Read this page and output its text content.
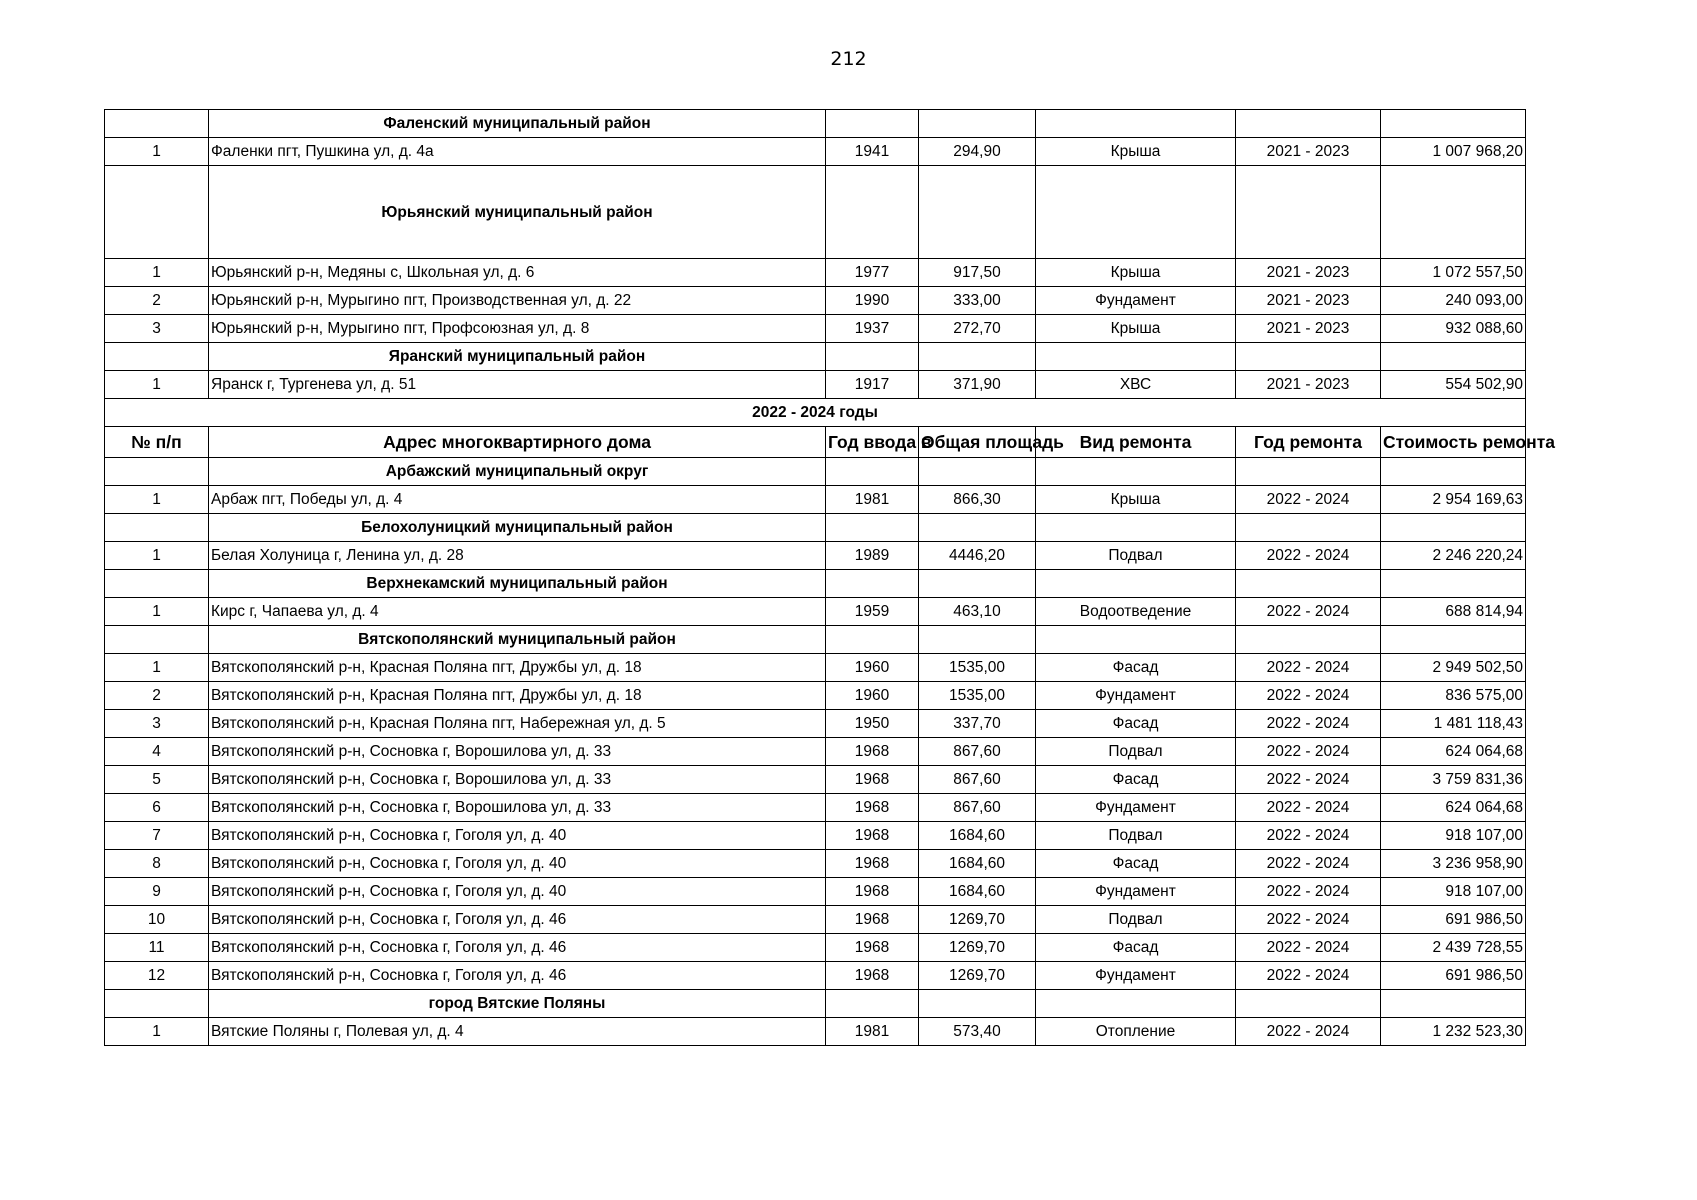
212
	Фаленский муниципальный район					
1	Фаленки пгт, Пушкина ул, д. 4а	1941	294,90	Крыша	2021 - 2023	1 007 968,20
	Юрьянский муниципальный район					
1	Юрьянский р-н, Медяны с, Школьная ул, д. 6	1977	917,50	Крыша	2021 - 2023	1 072 557,50
2	Юрьянский р-н, Мурыгино пгт, Производственная ул, д. 22	1990	333,00	Фундамент	2021 - 2023	240 093,00
3	Юрьянский р-н, Мурыгино пгт, Профсоюзная ул, д. 8	1937	272,70	Крыша	2021 - 2023	932 088,60
	Яранский муниципальный район					
1	Яранск г, Тургенева ул, д. 51	1917	371,90	ХВС	2021 - 2023	554 502,90
2022 - 2024 годы						
№ п/п	Адрес многоквартирного дома	Год ввода в	Общая площадь	Вид ремонта	Год ремонта	Стоимость ремонта
	Арбажский муниципальный округ					
1	Арбаж пгт, Победы ул, д. 4	1981	866,30	Крыша	2022 - 2024	2 954 169,63
	Белохолуницкий муниципальный район					
1	Белая Холуница г, Ленина ул, д. 28	1989	4446,20	Подвал	2022 - 2024	2 246 220,24
	Верхнекамский муниципальный район					
1	Кирс г, Чапаева ул, д. 4	1959	463,10	Водоотведение	2022 - 2024	688 814,94
	Вятскополянский муниципальный район					
1	Вятскополянский р-н, Красная Поляна пгт, Дружбы ул, д. 18	1960	1535,00	Фасад	2022 - 2024	2 949 502,50
2	Вятскополянский р-н, Красная Поляна пгт, Дружбы ул, д. 18	1960	1535,00	Фундамент	2022 - 2024	836 575,00
3	Вятскополянский р-н, Красная Поляна пгт, Набережная ул, д. 5	1950	337,70	Фасад	2022 - 2024	1 481 118,43
4	Вятскополянский р-н, Сосновка г, Ворошилова ул, д. 33	1968	867,60	Подвал	2022 - 2024	624 064,68
5	Вятскополянский р-н, Сосновка г, Ворошилова ул, д. 33	1968	867,60	Фасад	2022 - 2024	3 759 831,36
6	Вятскополянский р-н, Сосновка г, Ворошилова ул, д. 33	1968	867,60	Фундамент	2022 - 2024	624 064,68
7	Вятскополянский р-н, Сосновка г, Гоголя ул, д. 40	1968	1684,60	Подвал	2022 - 2024	918 107,00
8	Вятскополянский р-н, Сосновка г, Гоголя ул, д. 40	1968	1684,60	Фасад	2022 - 2024	3 236 958,90
9	Вятскополянский р-н, Сосновка г, Гоголя ул, д. 40	1968	1684,60	Фундамент	2022 - 2024	918 107,00
10	Вятскополянский р-н, Сосновка г, Гоголя ул, д. 46	1968	1269,70	Подвал	2022 - 2024	691 986,50
11	Вятскополянский р-н, Сосновка г, Гоголя ул, д. 46	1968	1269,70	Фасад	2022 - 2024	2 439 728,55
12	Вятскополянский р-н, Сосновка г, Гоголя ул, д. 46	1968	1269,70	Фундамент	2022 - 2024	691 986,50
	город Вятские Поляны					
1	Вятские Поляны г, Полевая ул, д. 4	1981	573,40	Отопление	2022 - 2024	1 232 523,30
